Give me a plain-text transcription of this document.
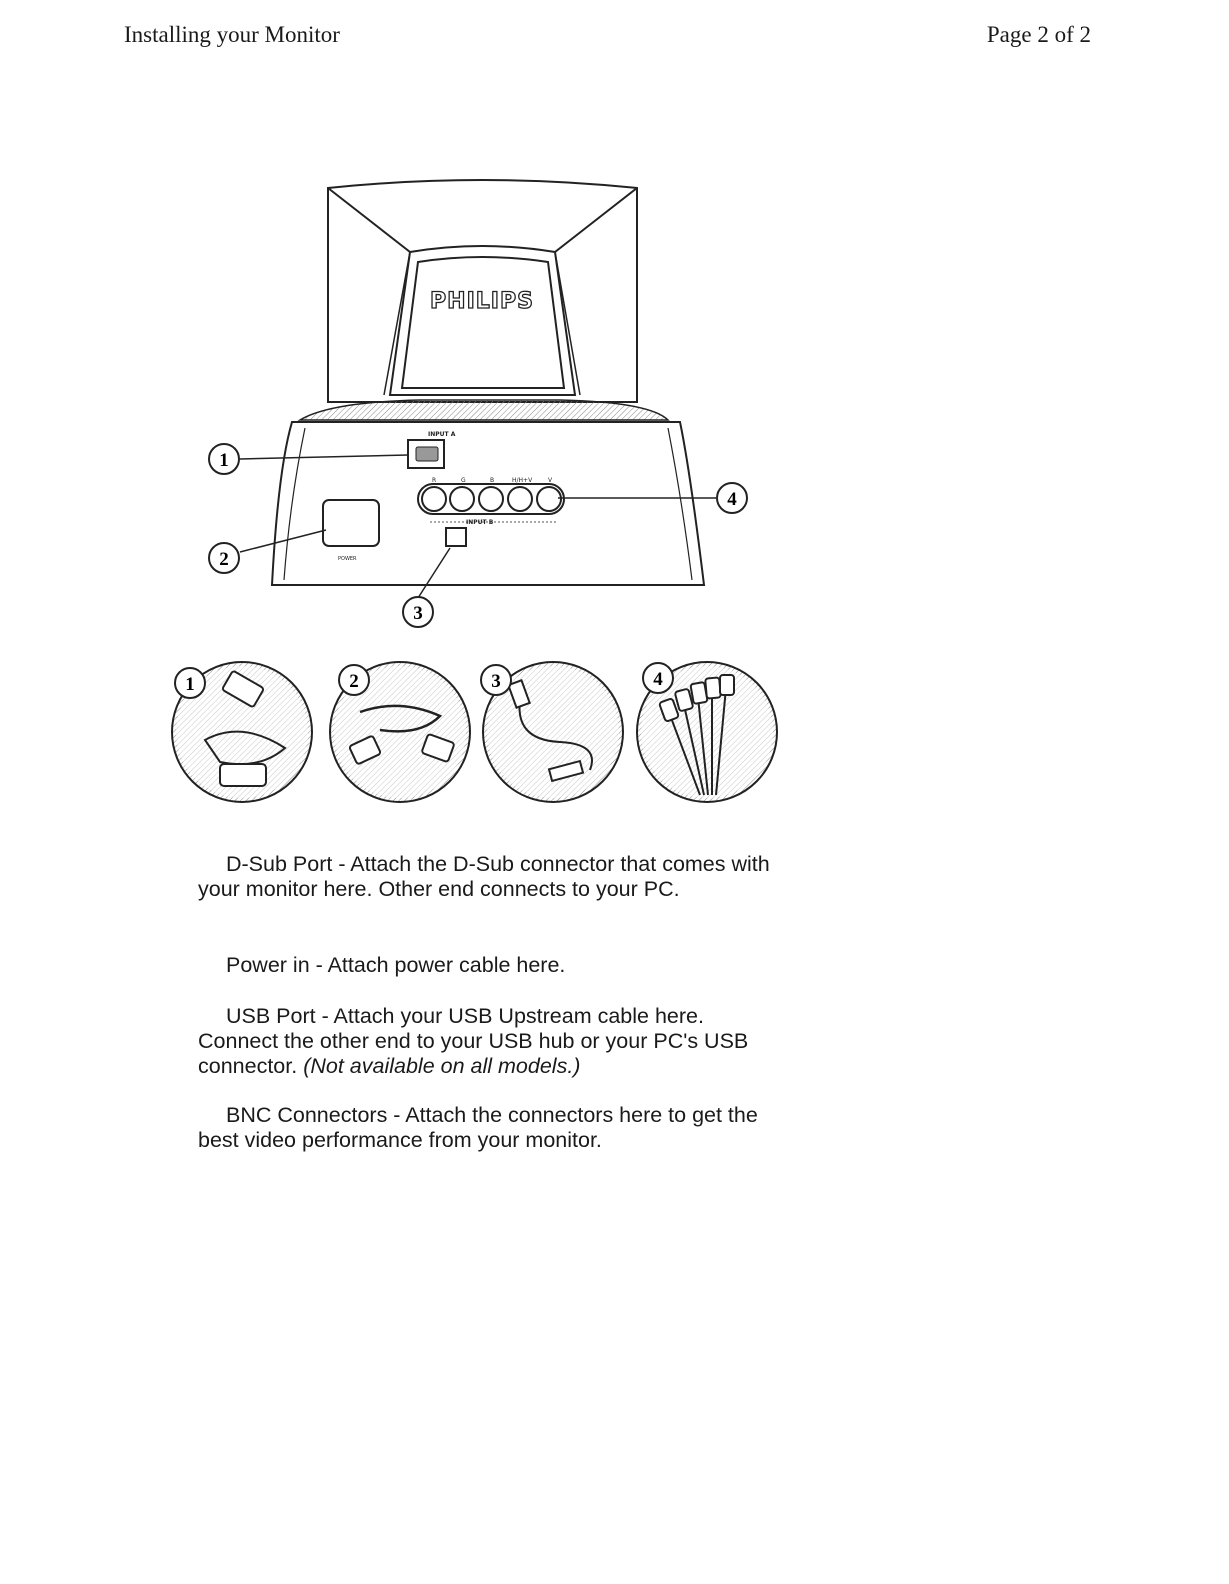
Installing your Monitor	Page 2 of 2
PHILIPS
INPUT A
R	G	B	H/H+V	V
INPUT B
POWER
1
2
3
4
1	2	3	4

D-Sub Port - Attach the D-Sub connector that comes with your monitor here. Other end connects to your PC.

Power in - Attach power cable here.

USB Port - Attach your USB Upstream cable here. Connect the other end to your USB hub or your PC's USB connector. (Not available on all models.)

BNC Connectors - Attach the connectors here to get the best video performance from your monitor.
